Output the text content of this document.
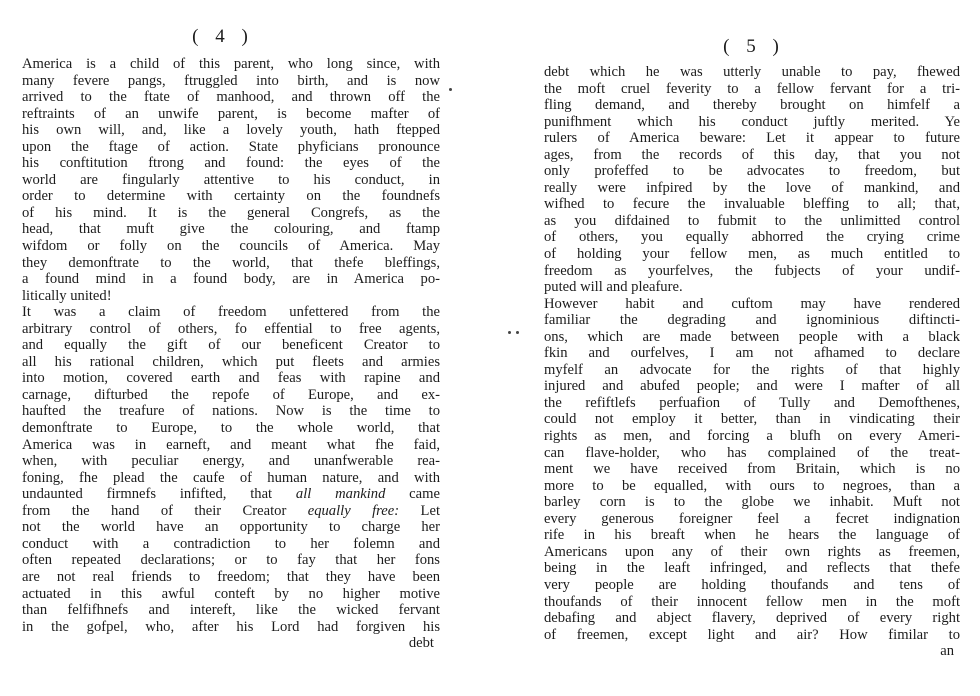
( 4 )
America is a child of this parent, who long since, with
many fevere pangs, ftruggled into birth, and is now
arrived to the ftate of manhood, and thrown off the
reftraints of an unwife parent, is become mafter of
his own will, and, like a lovely youth, hath ftepped
upon the ftage of action. State phyficians pronounce
his conftitution ftrong and found: the eyes of the
world are fingularly attentive to his conduct, in
order to determine with certainty on the foundnefs
of his mind. It is the general Congrefs, as the
head, that muft give the colouring, and ftamp
wifdom or folly on the councils of America. May
they demonftrate to the world, that thefe bleffings,
a found mind in a found body, are in America po-
litically united!
It was a claim of freedom unfettered from the
arbitrary control of others, fo effential to free agents,
and equally the gift of our beneficent Creator to
all his rational children, which put fleets and armies
into motion, covered earth and feas with rapine and
carnage, difturbed the repofe of Europe, and ex-
haufted the treafure of nations. Now is the time to
demonftrate to Europe, to the whole world, that
America was in earneft, and meant what fhe faid,
when, with peculiar energy, and unanfwerable rea-
foning, fhe plead the caufe of human nature, and with
undaunted firmnefs infifted, that all mankind came
from the hand of their Creator equally free: Let
not the world have an opportunity to charge her
conduct with a contradiction to her folemn and
often repeated declarations; or to fay that her fons
are not real friends to freedom; that they have been
actuated in this awful conteft by no higher motive
than felfifhnefs and intereft, like the wicked fervant
in the gofpel, who, after his Lord had forgiven his
debt
( 5 )
debt which he was utterly unable to pay, fhewed
the moft cruel feverity to a fellow fervant for a tri-
fling demand, and thereby brought on himfelf a
punifhment which his conduct juftly merited. Ye
rulers of America beware: Let it appear to future
ages, from the records of this day, that you not
only profeffed to be advocates to freedom, but
really were infpired by the love of mankind, and
wifhed to fecure the invaluable bleffing to all; that,
as you difdained to fubmit to the unlimitted control
of others, you equally abhorred the crying crime
of holding your fellow men, as much entitled to
freedom as yourfelves, the fubjects of your undif-
puted will and pleafure.
However habit and cuftom may have rendered
familiar the degrading and ignominious diftincti-
ons, which are made between people with a black
fkin and ourfelves, I am not afhamed to declare
myfelf an advocate for the rights of that highly
injured and abufed people; and were I mafter of all
the refiftlefs perfuafion of Tully and Demofthenes,
could not employ it better, than in vindicating their
rights as men, and forcing a blufh on every Ameri-
can flave-holder, who has complained of the treat-
ment we have received from Britain, which is no
more to be equalled, with ours to negroes, than a
barley corn is to the globe we inhabit. Muft not
every generous foreigner feel a fecret indignation
rife in his breaft when he hears the language of
Americans upon any of their own rights as freemen,
being in the leaft infringed, and reflects that thefe
very people are holding thoufands and tens of
thoufands of their innocent fellow men in the moft
debafing and abject flavery, deprived of every right
of freemen, except light and air? How fimilar to
an
